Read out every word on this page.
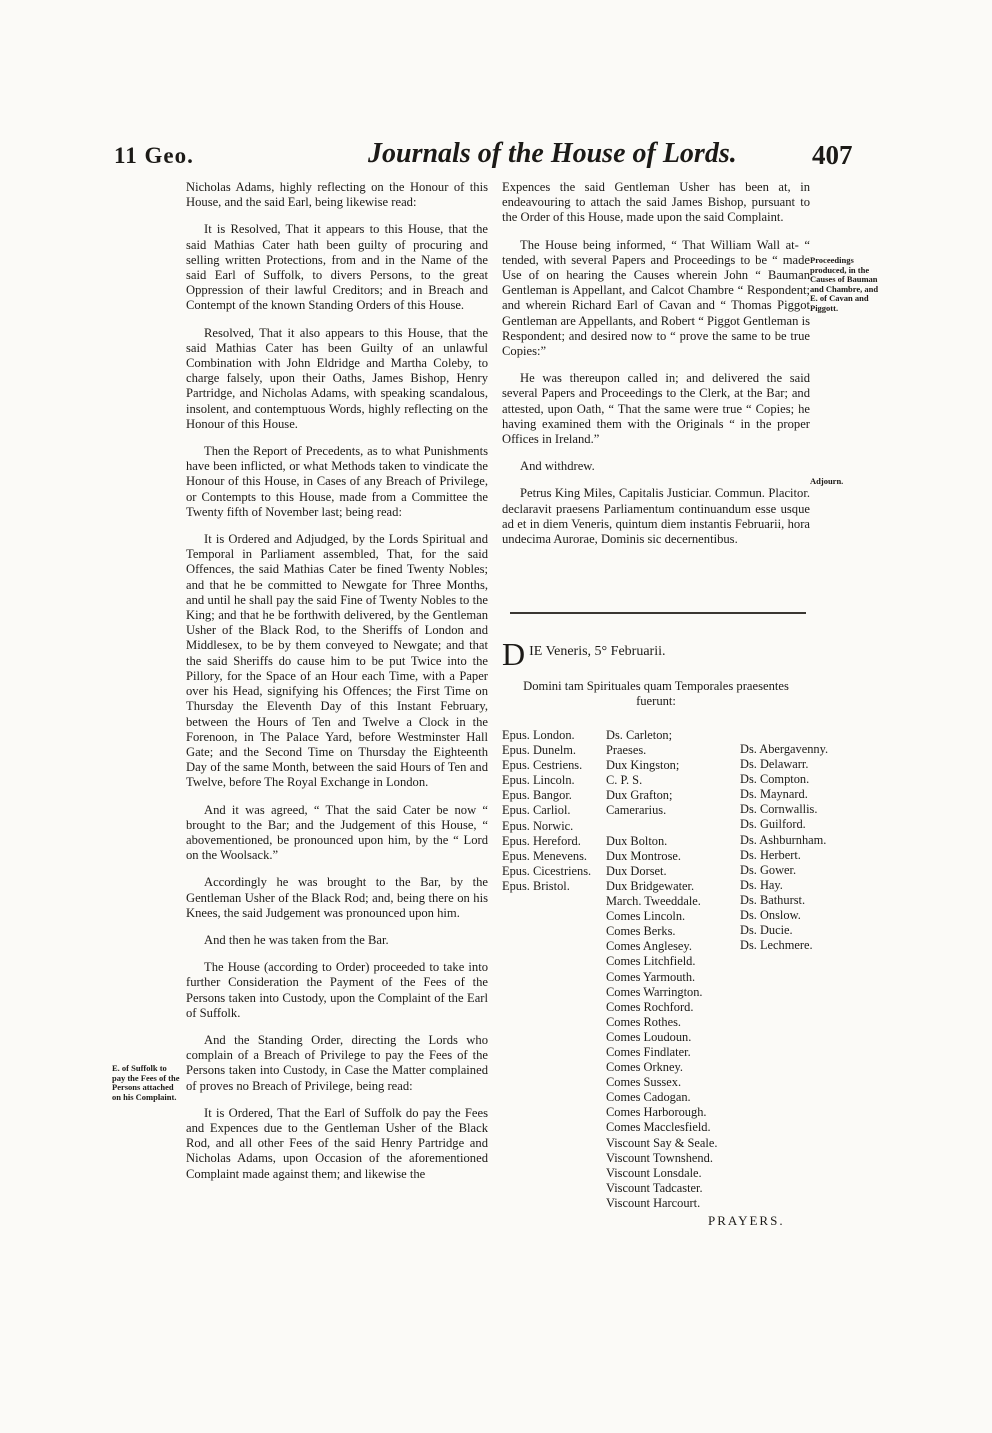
11 Geo.	Journals of the House of Lords.	407

Nicholas Adams, highly reflecting on the Honour of this House, and the said Earl, being likewise read:

It is Resolved, That it appears to this House, that the said Mathias Cater hath been guilty of procuring and selling written Protections, from and in the Name of the said Earl of Suffolk, to divers Persons, to the great Oppression of their lawful Creditors; and in Breach and Contempt of the known Standing Orders of this House.

Resolved, That it also appears to this House, that the said Mathias Cater has been Guilty of an unlawful Combination with John Eldridge and Martha Coleby, to charge falsely, upon their Oaths, James Bishop, Henry Partridge, and Nicholas Adams, with speaking scandalous, insolent, and contemptuous Words, highly reflecting on the Honour of this House.

Then the Report of Precedents, as to what Punishments have been inflicted, or what Methods taken to vindicate the Honour of this House, in Cases of any Breach of Privilege, or Contempts to this House, made from a Committee the Twenty fifth of November last; being read:

It is Ordered and Adjudged, by the Lords Spiritual and Temporal in Parliament assembled, That, for the said Offences, the said Mathias Cater be fined Twenty Nobles; and that he be committed to Newgate for Three Months, and until he shall pay the said Fine of Twenty Nobles to the King; and that he be forthwith delivered, by the Gentleman Usher of the Black Rod, to the Sheriffs of London and Middlesex, to be by them conveyed to Newgate; and that the said Sheriffs do cause him to be put Twice into the Pillory, for the Space of an Hour each Time, with a Paper over his Head, signifying his Offences; the First Time on Thursday the Eleventh Day of this Instant February, between the Hours of Ten and Twelve a Clock in the Forenoon, in The Palace Yard, before Westminster Hall Gate; and the Second Time on Thursday the Eighteenth Day of the same Month, between the said Hours of Ten and Twelve, before The Royal Exchange in London.

And it was agreed, “ That the said Cater be now “ brought to the Bar; and the Judgement of this House, “ abovementioned, be pronounced upon him, by the “ Lord on the Woolsack.”

Accordingly he was brought to the Bar, by the Gentleman Usher of the Black Rod; and, being there on his Knees, the said Judgement was pronounced upon him.

And then he was taken from the Bar.

The House (according to Order) proceeded to take into further Consideration the Payment of the Fees of the Persons taken into Custody, upon the Complaint of the Earl of Suffolk.

And the Standing Order, directing the Lords who complain of a Breach of Privilege to pay the Fees of the Persons taken into Custody, in Case the Matter complained of proves no Breach of Privilege, being read:

It is Ordered, That the Earl of Suffolk do pay the Fees and Expences due to the Gentleman Usher of the Black Rod, and all other Fees of the said Henry Partridge and Nicholas Adams, upon Occasion of the aforementioned Complaint made against them; and likewise the

E. of Suffolk to pay the Fees of the Persons attached on his Complaint.

Expences the said Gentleman Usher has been at, in endeavouring to attach the said James Bishop, pursuant to the Order of this House, made upon the said Complaint.

The House being informed, “ That William Wall at- “ tended, with several Papers and Proceedings to be “ made Use of on hearing the Causes wherein John “ Bauman Gentleman is Appellant, and Calcot Chambre “ Respondent; and wherein Richard Earl of Cavan and “ Thomas Piggot Gentleman are Appellants, and Robert “ Piggot Gentleman is Respondent; and desired now to “ prove the same to be true Copies:”

He was thereupon called in; and delivered the said several Papers and Proceedings to the Clerk, at the Bar; and attested, upon Oath, “ That the same were true “ Copies; he having examined them with the Originals “ in the proper Offices in Ireland.”

And withdrew.

Petrus King Miles, Capitalis Justiciar. Commun. Placitor. declaravit praesens Parliamentum continuandum esse usque ad et in diem Veneris, quintum diem instantis Februarii, hora undecima Aurorae, Dominis sic decernentibus.

Proceedings produced, in the Causes of Bauman and Chambre, and E. of Cavan and Piggott.
Adjourn.
D IE Veneris, 5° Februarii.
Domini tam Spirituales quam Temporales praesentes fuerunt:
Epus. London.
Epus. Dunelm.
Epus. Cestriens.
Epus. Lincoln.
Epus. Bangor.
Epus. Carliol.
Epus. Norwic.
Epus. Hereford.
Epus. Menevens.
Epus. Cicestriens.
Epus. Bristol.
Ds. Carleton;
Praeses.
Dux Kingston;
C. P. S.
Dux Grafton;
Camerarius.

Dux Bolton.
Dux Montrose.
Dux Dorset.
Dux Bridgewater.
March. Tweeddale.
Comes Lincoln.
Comes Berks.
Comes Anglesey.
Comes Litchfield.
Comes Yarmouth.
Comes Warrington.
Comes Rochford.
Comes Rothes.
Comes Loudoun.
Comes Findlater.
Comes Orkney.
Comes Sussex.
Comes Cadogan.
Comes Harborough.
Comes Macclesfield.
Viscount Say & Seale.
Viscount Townshend.
Viscount Lonsdale.
Viscount Tadcaster.
Viscount Harcourt.
Ds. Abergavenny.
Ds. Delawarr.
Ds. Compton.
Ds. Maynard.
Ds. Cornwallis.
Ds. Guilford.
Ds. Ashburnham.
Ds. Herbert.
Ds. Gower.
Ds. Hay.
Ds. Bathurst.
Ds. Onslow.
Ds. Ducie.
Ds. Lechmere.
PRAYERS.
